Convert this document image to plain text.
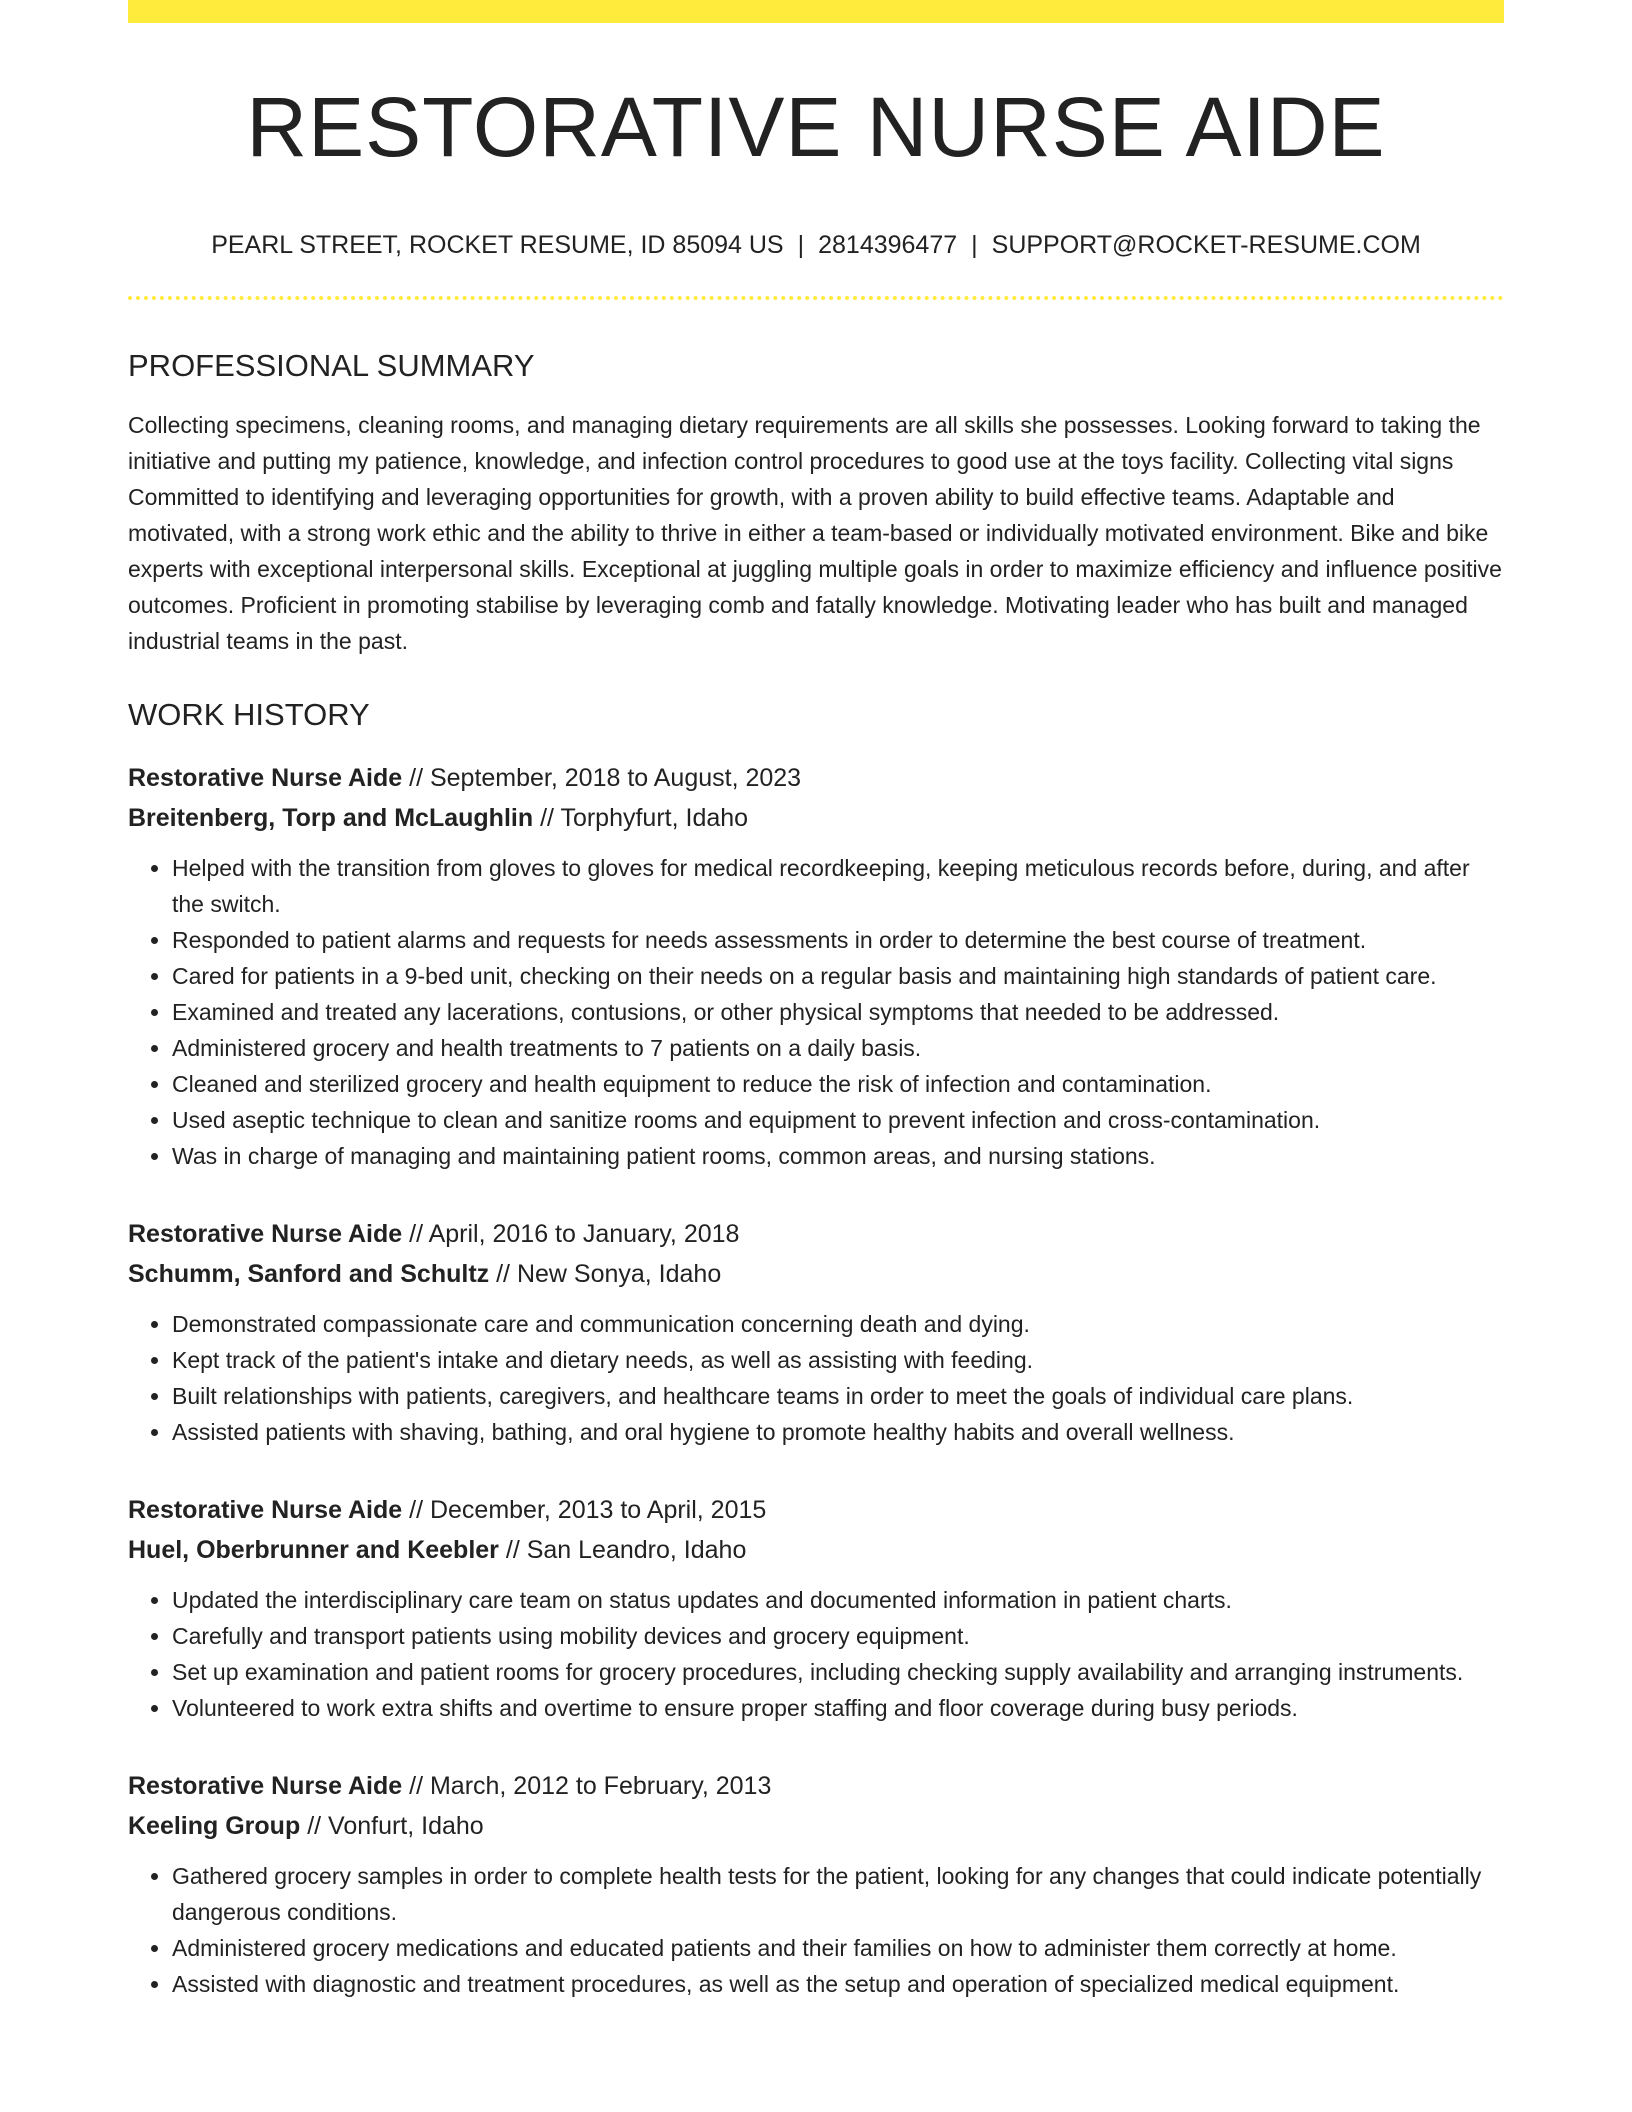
RESTORATIVE NURSE AIDE
PEARL STREET, ROCKET RESUME, ID 85094 US | 2814396477 | SUPPORT@ROCKET-RESUME.COM
PROFESSIONAL SUMMARY

Collecting specimens, cleaning rooms, and managing dietary requirements are all skills she possesses. Looking forward to taking the initiative and putting my patience, knowledge, and infection control procedures to good use at the toys facility. Collecting vital signs Committed to identifying and leveraging opportunities for growth, with a proven ability to build effective teams. Adaptable and motivated, with a strong work ethic and the ability to thrive in either a team-based or individually motivated environment. Bike and bike experts with exceptional interpersonal skills. Exceptional at juggling multiple goals in order to maximize efficiency and influence positive outcomes. Proficient in promoting stabilise by leveraging comb and fatally knowledge. Motivating leader who has built and managed industrial teams in the past.

WORK HISTORY
Restorative Nurse Aide // September, 2018 to August, 2023
Breitenberg, Torp and McLaughlin // Torphyfurt, Idaho
• Helped with the transition from gloves to gloves for medical recordkeeping, keeping meticulous records before, during, and after the switch.
• Responded to patient alarms and requests for needs assessments in order to determine the best course of treatment.
• Cared for patients in a 9-bed unit, checking on their needs on a regular basis and maintaining high standards of patient care.
• Examined and treated any lacerations, contusions, or other physical symptoms that needed to be addressed.
• Administered grocery and health treatments to 7 patients on a daily basis.
• Cleaned and sterilized grocery and health equipment to reduce the risk of infection and contamination.
• Used aseptic technique to clean and sanitize rooms and equipment to prevent infection and cross-contamination.
• Was in charge of managing and maintaining patient rooms, common areas, and nursing stations.
Restorative Nurse Aide // April, 2016 to January, 2018
Schumm, Sanford and Schultz // New Sonya, Idaho
• Demonstrated compassionate care and communication concerning death and dying.
• Kept track of the patient's intake and dietary needs, as well as assisting with feeding.
• Built relationships with patients, caregivers, and healthcare teams in order to meet the goals of individual care plans.
• Assisted patients with shaving, bathing, and oral hygiene to promote healthy habits and overall wellness.
Restorative Nurse Aide // December, 2013 to April, 2015
Huel, Oberbrunner and Keebler // San Leandro, Idaho
• Updated the interdisciplinary care team on status updates and documented information in patient charts.
• Carefully and transport patients using mobility devices and grocery equipment.
• Set up examination and patient rooms for grocery procedures, including checking supply availability and arranging instruments.
• Volunteered to work extra shifts and overtime to ensure proper staffing and floor coverage during busy periods.
Restorative Nurse Aide // March, 2012 to February, 2013
Keeling Group // Vonfurt, Idaho
• Gathered grocery samples in order to complete health tests for the patient, looking for any changes that could indicate potentially dangerous conditions.
• Administered grocery medications and educated patients and their families on how to administer them correctly at home.
• Assisted with diagnostic and treatment procedures, as well as the setup and operation of specialized medical equipment.
